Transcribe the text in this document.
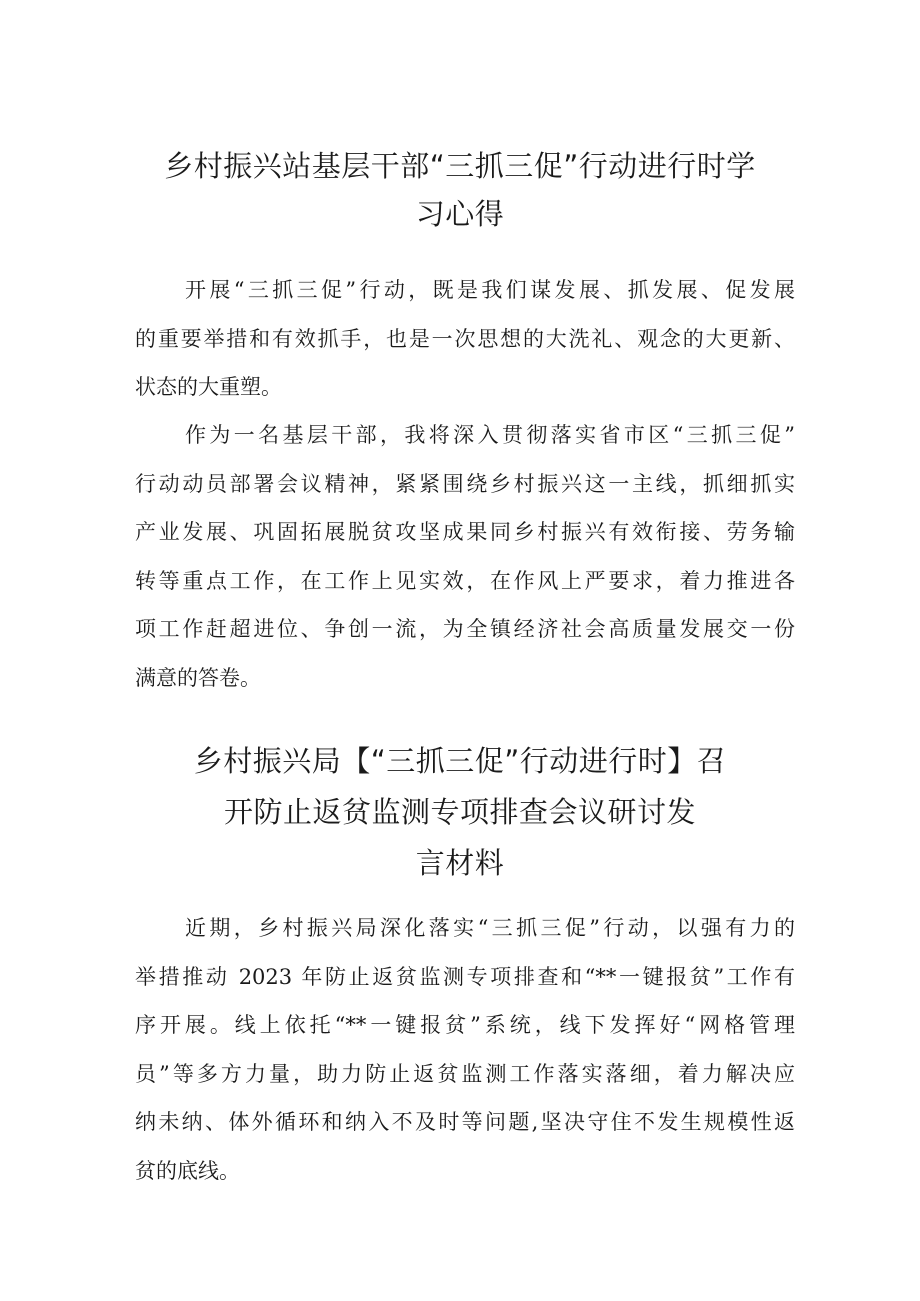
乡村振兴站基层干部“三抓三促”行动进行时学
习心得

开展“三抓三促”行动，既是我们谋发展、抓发展、促发展
的重要举措和有效抓手，也是一次思想的大洗礼、观念的大更新、
状态的大重塑。

作为一名基层干部，我将深入贯彻落实省市区“三抓三促”
行动动员部署会议精神，紧紧围绕乡村振兴这一主线，抓细抓实
产业发展、巩固拓展脱贫攻坚成果同乡村振兴有效衔接、劳务输
转等重点工作，在工作上见实效，在作风上严要求，着力推进各
项工作赶超进位、争创一流，为全镇经济社会高质量发展交一份
满意的答卷。

乡村振兴局【“三抓三促”行动进行时】召
开防止返贫监测专项排查会议研讨发
言材料

近期，乡村振兴局深化落实“三抓三促”行动，以强有力的
举措推动 2023 年防止返贫监测专项排查和“**一键报贫”工作有
序开展。线上依托“**一键报贫”系统，线下发挥好“网格管理
员”等多方力量，助力防止返贫监测工作落实落细，着力解决应
纳未纳、体外循环和纳入不及时等问题,坚决守住不发生规模性返
贫的底线。
